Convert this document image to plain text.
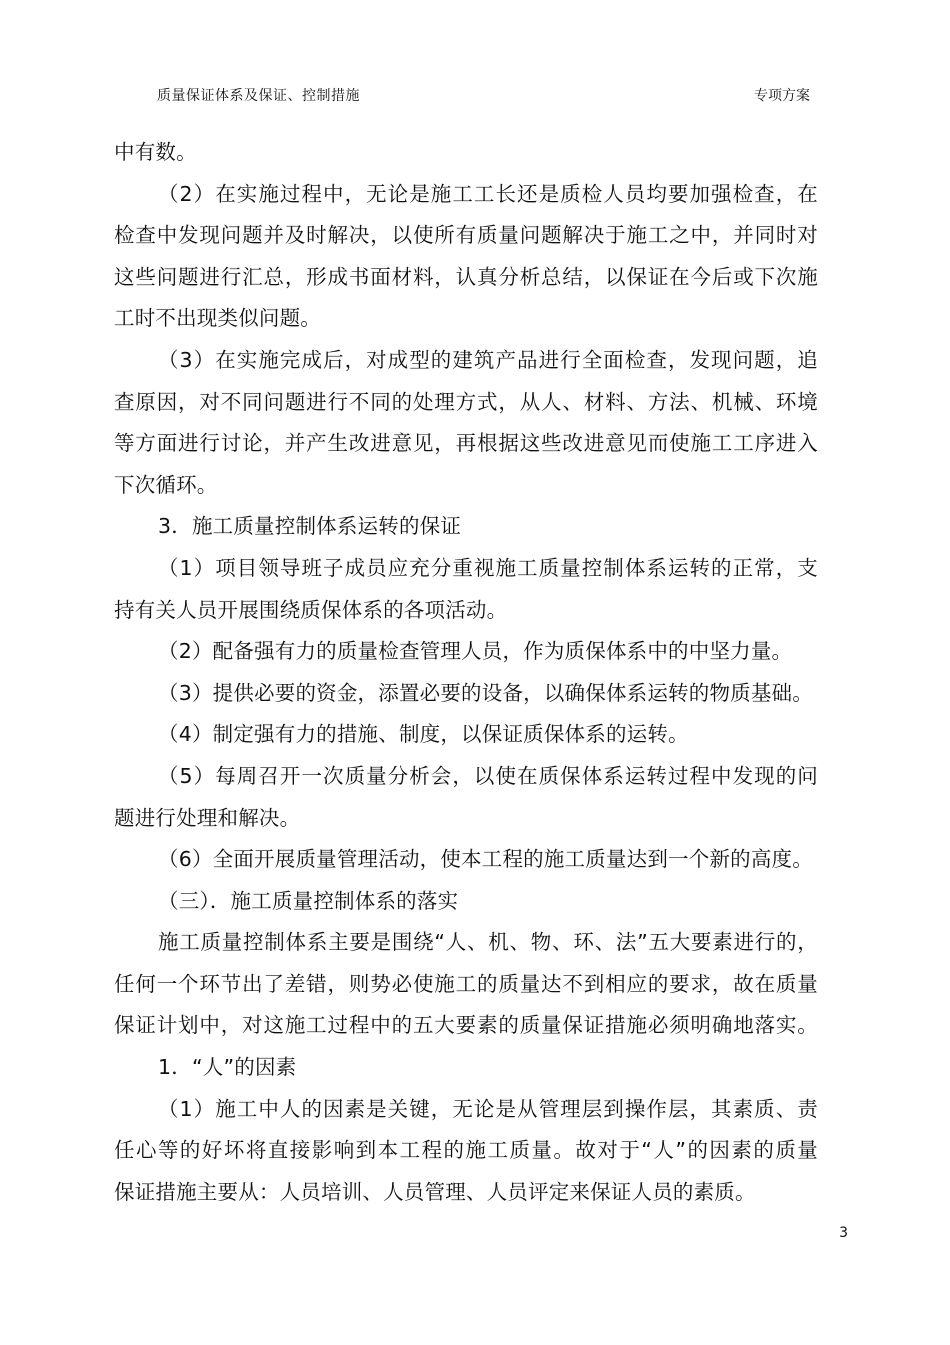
质量保证体系及保证、控制措施	专项方案
中有数。
（2）在实施过程中，无论是施工工长还是质检人员均要加强检查，在
检查中发现问题并及时解决，以使所有质量问题解决于施工之中，并同时对
这些问题进行汇总，形成书面材料，认真分析总结，以保证在今后或下次施
工时不出现类似问题。
（3）在实施完成后，对成型的建筑产品进行全面检查，发现问题，追
查原因，对不同问题进行不同的处理方式，从人、材料、方法、机械、环境
等方面进行讨论，并产生改进意见，再根据这些改进意见而使施工工序进入
下次循环。
3．施工质量控制体系运转的保证
（1）项目领导班子成员应充分重视施工质量控制体系运转的正常，支
持有关人员开展围绕质保体系的各项活动。
（2）配备强有力的质量检查管理人员，作为质保体系中的中坚力量。
（3）提供必要的资金，添置必要的设备，以确保体系运转的物质基础。
（4）制定强有力的措施、制度，以保证质保体系的运转。
（5）每周召开一次质量分析会，以使在质保体系运转过程中发现的问
题进行处理和解决。
（6）全面开展质量管理活动，使本工程的施工质量达到一个新的高度。
（三）．施工质量控制体系的落实
施工质量控制体系主要是围绕“人、机、物、环、法”五大要素进行的，
任何一个环节出了差错，则势必使施工的质量达不到相应的要求，故在质量
保证计划中，对这施工过程中的五大要素的质量保证措施必须明确地落实。
1．“人”的因素
（1）施工中人的因素是关键，无论是从管理层到操作层，其素质、责
任心等的好坏将直接影响到本工程的施工质量。故对于“人”的因素的质量
保证措施主要从：人员培训、人员管理、人员评定来保证人员的素质。
3
